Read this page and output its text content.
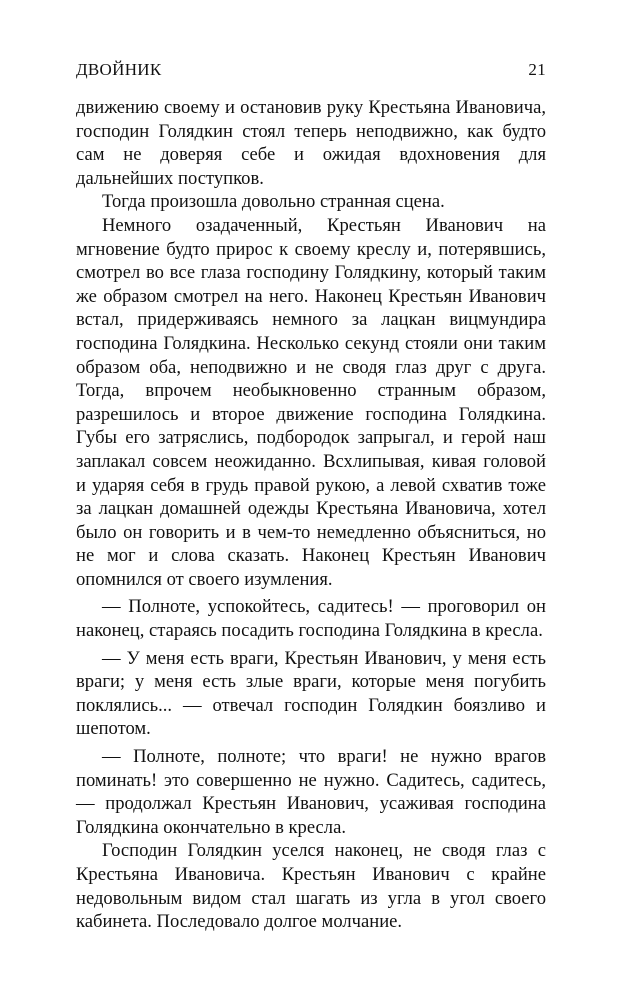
ДВОЙНИК	21

движению своему и остановив руку Крестьяна Ивановича, господин Голядкин стоял теперь неподвижно, как будто сам не доверяя себе и ожидая вдохновения для дальнейших поступков.

Тогда произошла довольно странная сцена.

Немного озадаченный, Крестьян Иванович на мгновение будто прирос к своему креслу и, потерявшись, смотрел во все глаза господину Голядкину, который таким же образом смотрел на него. Наконец Крестьян Иванович встал, придерживаясь немного за лацкан вицмундира господина Голядкина. Несколько секунд стояли они таким образом оба, неподвижно и не сводя глаз друг с друга. Тогда, впрочем необыкновенно странным образом, разрешилось и второе движение господина Голядкина. Губы его затряслись, подбородок запрыгал, и герой наш заплакал совсем неожиданно. Всхлипывая, кивая головой и ударяя себя в грудь правой рукою, а левой схватив тоже за лацкан домашней одежды Крестьяна Ивановича, хотел было он говорить и в чем-то немедленно объясниться, но не мог и слова сказать. Наконец Крестьян Иванович опомнился от своего изумления.

— Полноте, успокойтесь, садитесь! — проговорил он наконец, стараясь посадить господина Голядкина в кресла.

— У меня есть враги, Крестьян Иванович, у меня есть враги; у меня есть злые враги, которые меня погубить поклялись... — отвечал господин Голядкин боязливо и шепотом.

— Полноте, полноте; что враги! не нужно врагов поминать! это совершенно не нужно. Садитесь, садитесь, — продолжал Крестьян Иванович, усаживая господина Голядкина окончательно в кресла.

Господин Голядкин уселся наконец, не сводя глаз с Крестьяна Ивановича. Крестьян Иванович с крайне недовольным видом стал шагать из угла в угол своего кабинета. Последовало долгое молчание.
